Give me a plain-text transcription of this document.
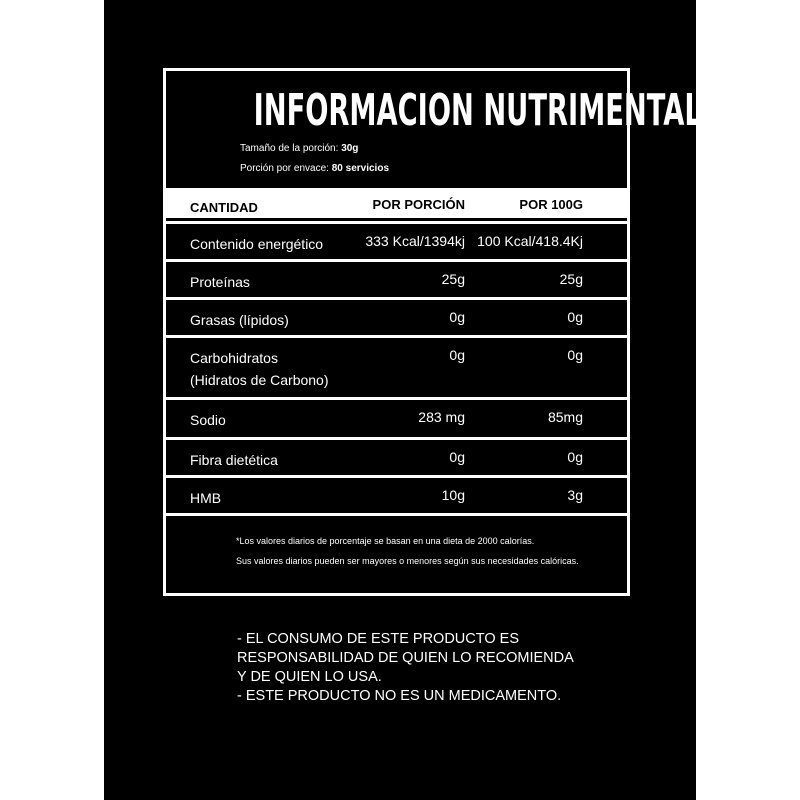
INFORMACION NUTRIMENTAL
Tamaño de la porción: 30g
Porción por envace: 80 servicios
CANTIDAD	POR PORCIÓN	POR 100G
Contenido energético	333 Kcal/1394kj 100 Kcal/418.4Kj
Proteínas	25g	25g
Grasas (lípidos)	0g	0g
Carbohidratos
(Hidratos de Carbono)
0g	0g
Sodio	283 mg	85mg
Fibra dietética	0g	0g
HMB	10g	3g
*Los valores diarios de porcentaje se basan en una dieta de 2000 calorías.
Sus valores diarios pueden ser mayores o menores según sus necesidades calóricas.
- EL CONSUMO DE ESTE PRODUCTO ES
RESPONSABILIDAD DE QUIEN LO RECOMIENDA
Y DE QUIEN LO USA.
- ESTE PRODUCTO NO ES UN MEDICAMENTO.
